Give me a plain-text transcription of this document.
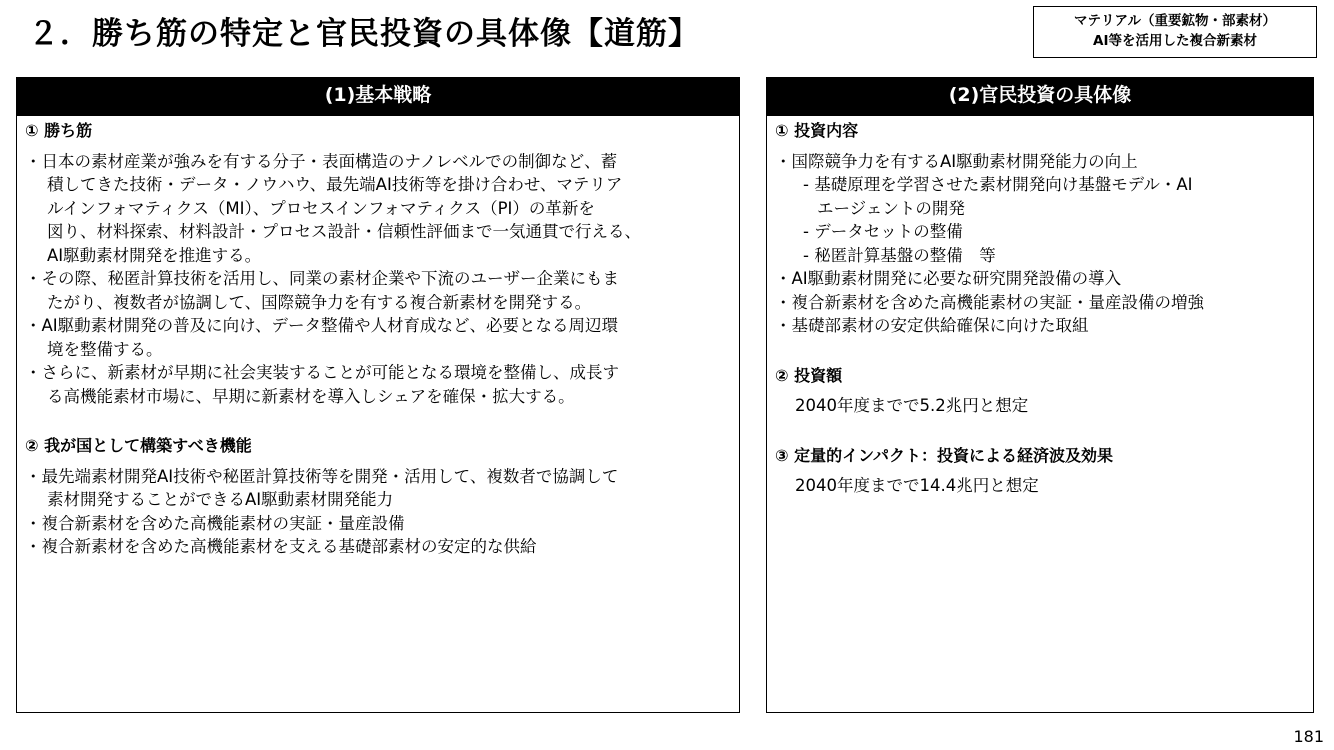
２．勝ち筋の特定と官民投資の具体像【道筋】	マテリアル（重要鉱物・部素材）
AI等を活用した複合新素材
(1)基本戦略
① 勝ち筋
・日本の素材産業が強みを有する分子・表面構造のナノレベルでの制御など、蓄
積してきた技術・データ・ノウハウ、最先端AI技術等を掛け合わせ、マテリア
ルインフォマティクス（MI）、プロセスインフォマティクス（PI）の革新を
図り、材料探索、材料設計・プロセス設計・信頼性評価まで一気通貫で行える、
AI駆動素材開発を推進する。
・その際、秘匿計算技術を活用し、同業の素材企業や下流のユーザー企業にもま
たがり、複数者が協調して、国際競争力を有する複合新素材を開発する。
・AI駆動素材開発の普及に向け、データ整備や人材育成など、必要となる周辺環
境を整備する。
・さらに、新素材が早期に社会実装することが可能となる環境を整備し、成長す
る高機能素材市場に、早期に新素材を導入しシェアを確保・拡大する。
② 我が国として構築すべき機能
・最先端素材開発AI技術や秘匿計算技術等を開発・活用して、複数者で協調して
素材開発することができるAI駆動素材開発能力
・複合新素材を含めた高機能素材の実証・量産設備
・複合新素材を含めた高機能素材を支える基礎部素材の安定的な供給
(2)官民投資の具体像
① 投資内容
・国際競争力を有するAI駆動素材開発能力の向上
- 基礎原理を学習させた素材開発向け基盤モデル・AI
エージェントの開発
- データセットの整備
- 秘匿計算基盤の整備　等
・AI駆動素材開発に必要な研究開発設備の導入
・複合新素材を含めた高機能素材の実証・量産設備の増強
・基礎部素材の安定供給確保に向けた取組
② 投資額
2040年度までで5.2兆円と想定
③ 定量的インパクト：投資による経済波及効果
2040年度までで14.4兆円と想定
181
